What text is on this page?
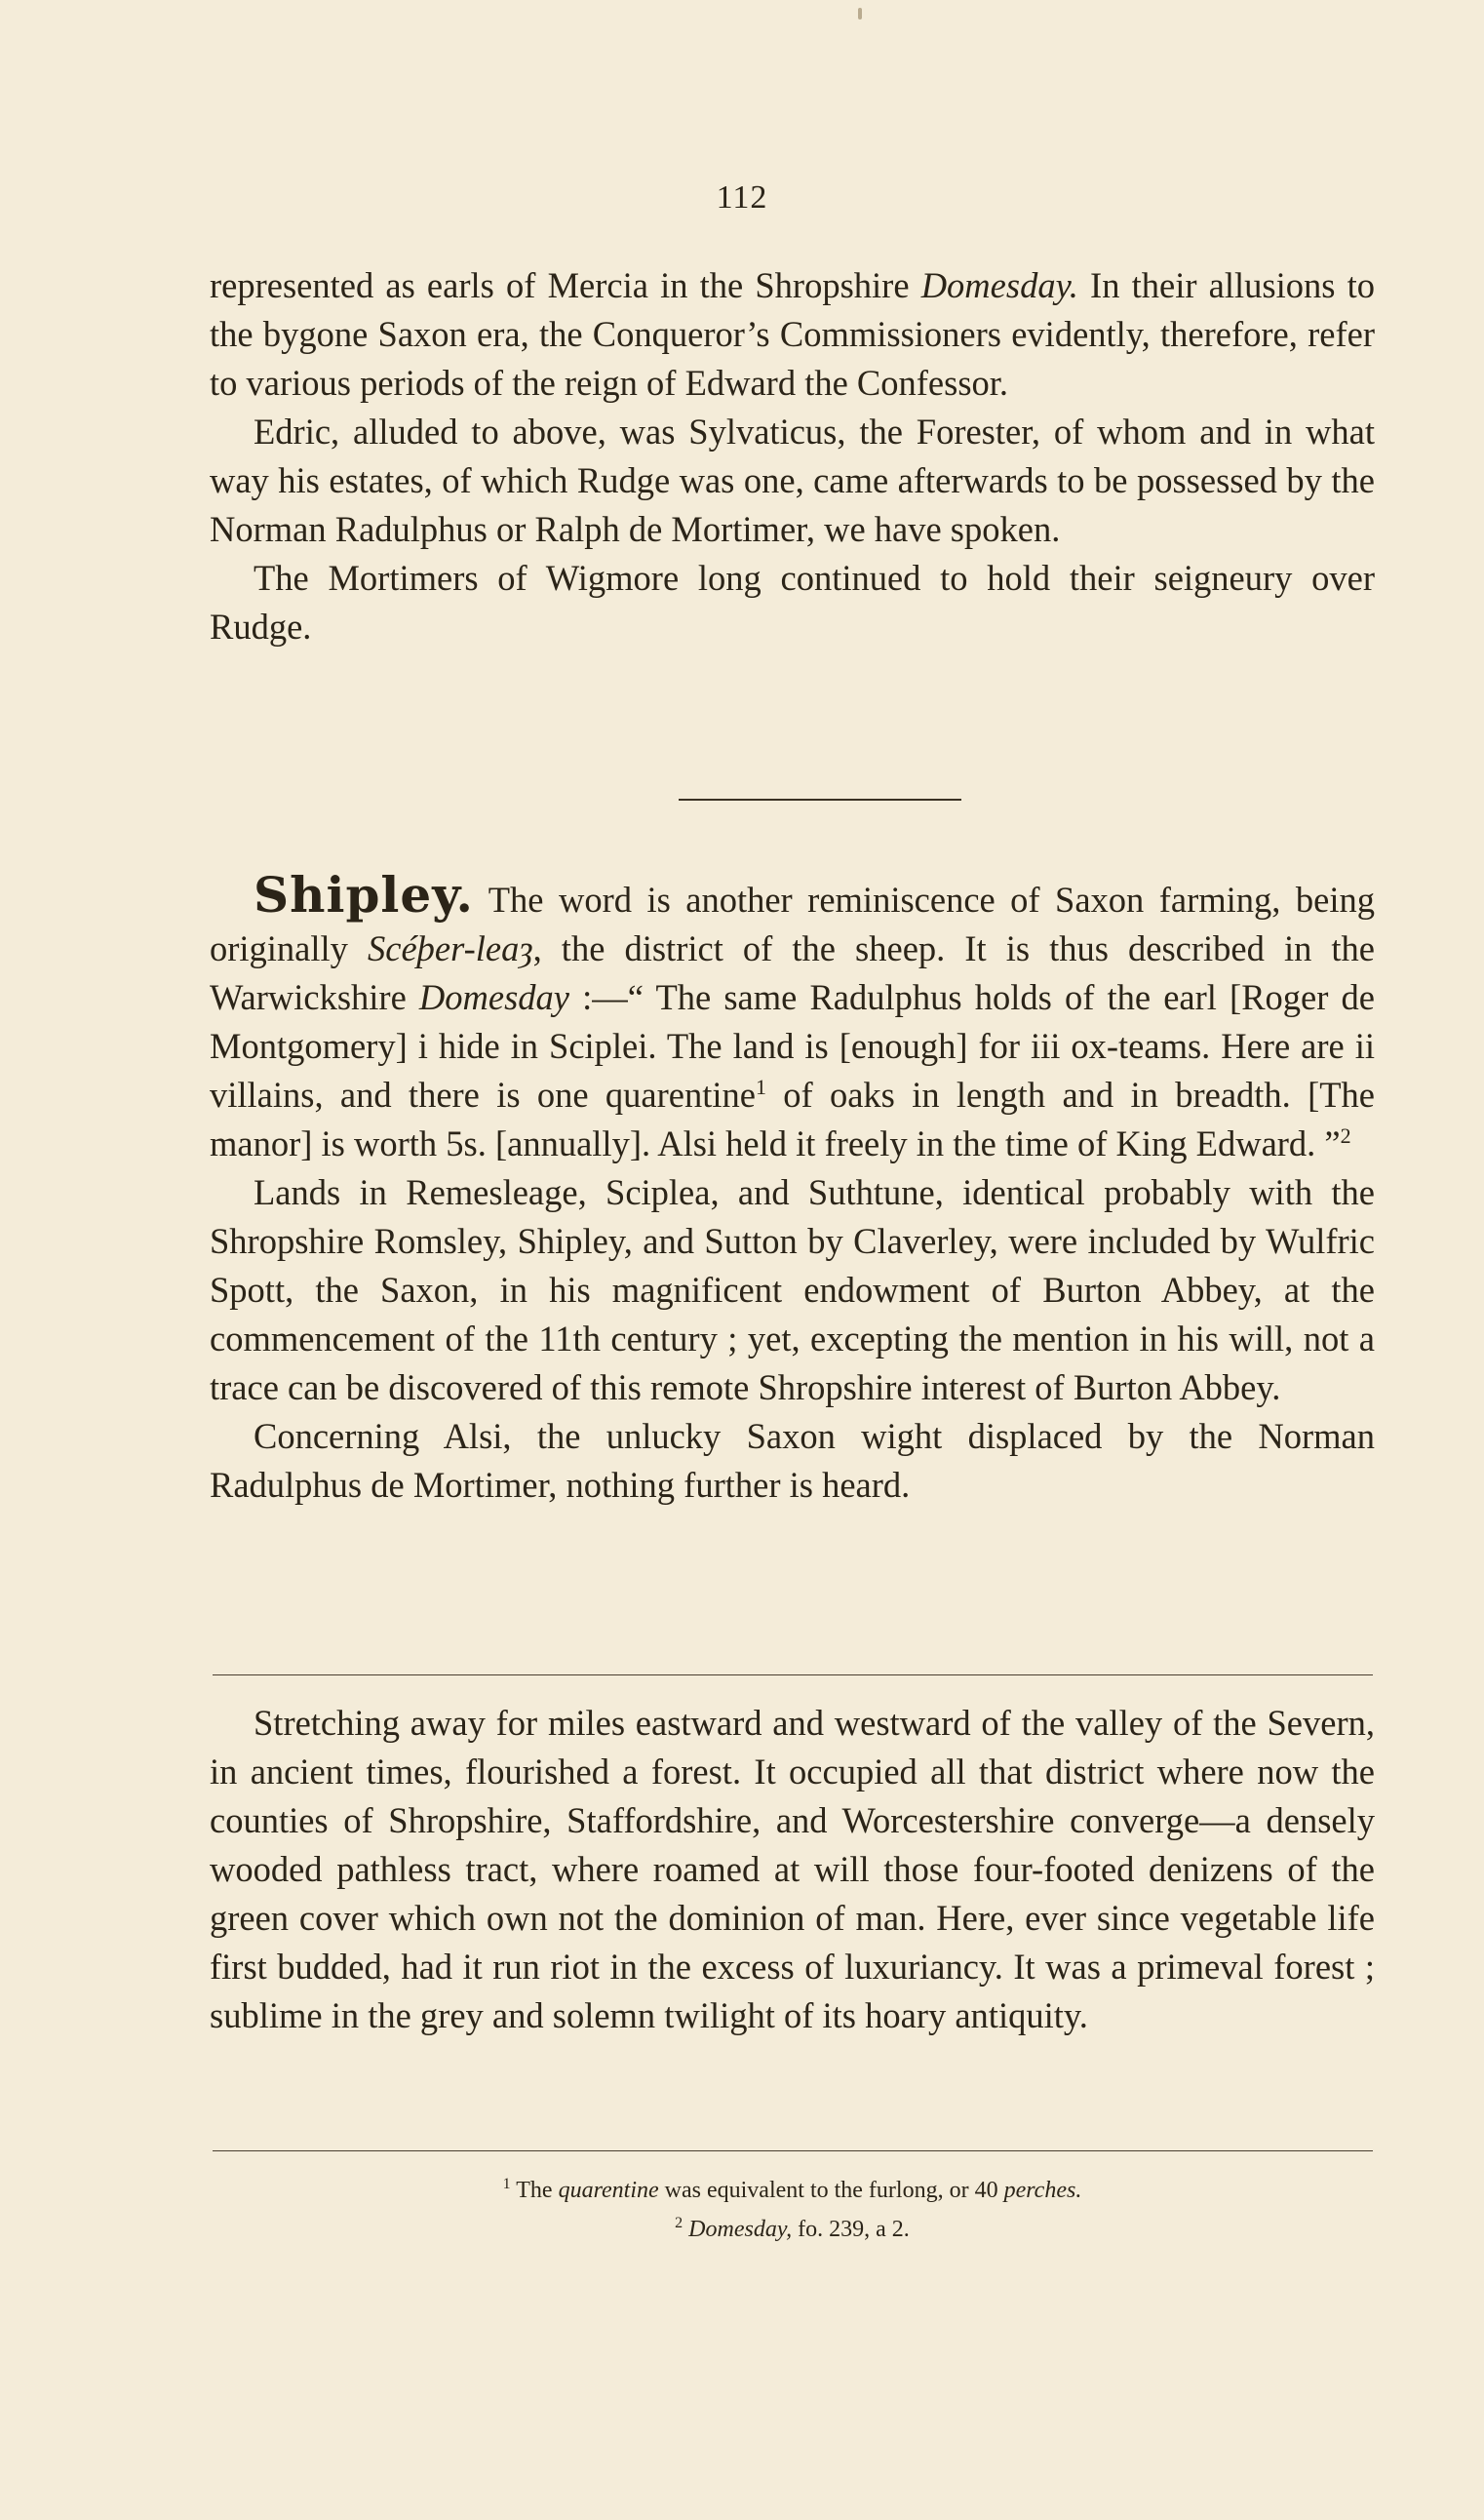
112

represented as earls of Mercia in the Shropshire Domesday. In their allusions to the bygone Saxon era, the Conqueror’s Commissioners evidently, therefore, refer to various periods of the reign of Edward the Confessor.

Edric, alluded to above, was Sylvaticus, the Forester, of whom and in what way his estates, of which Rudge was one, came afterwards to be possessed by the Norman Radulphus or Ralph de Mortimer, we have spoken.

The Mortimers of Wigmore long continued to hold their seigneury over Rudge.

Shipley. The word is another reminiscence of Saxon farming, being originally Scéþer-leaȝ, the district of the sheep. It is thus described in the Warwickshire Domesday :—“ The same Radulphus holds of the earl [Roger de Montgomery] i hide in Sciplei. The land is [enough] for iii ox-teams. Here are ii villains, and there is one quarentine$^1$ of oaks in length and in breadth. [The manor] is worth 5s. [annually]. Alsi held it freely in the time of King Edward. ”$^2$

Lands in Remesleage, Sciplea, and Suthtune, identical probably with the Shropshire Romsley, Shipley, and Sutton by Claverley, were included by Wulfric Spott, the Saxon, in his magnificent endowment of Burton Abbey, at the commencement of the 11th century ; yet, excepting the mention in his will, not a trace can be discovered of this remote Shropshire interest of Burton Abbey.

Concerning Alsi, the unlucky Saxon wight displaced by the Norman Radulphus de Mortimer, nothing further is heard.

Stretching away for miles eastward and westward of the valley of the Severn, in ancient times, flourished a forest. It occupied all that district where now the counties of Shropshire, Staffordshire, and Worcestershire converge—a densely wooded pathless tract, where roamed at will those four-footed denizens of the green cover which own not the dominion of man. Here, ever since vegetable life first budded, had it run riot in the excess of luxuriancy. It was a primeval forest ; sublime in the grey and solemn twilight of its hoary antiquity.

$^1$ The quarentine was equivalent to the furlong, or 40 perches.
$^2$ Domesday, fo. 239, a 2.
